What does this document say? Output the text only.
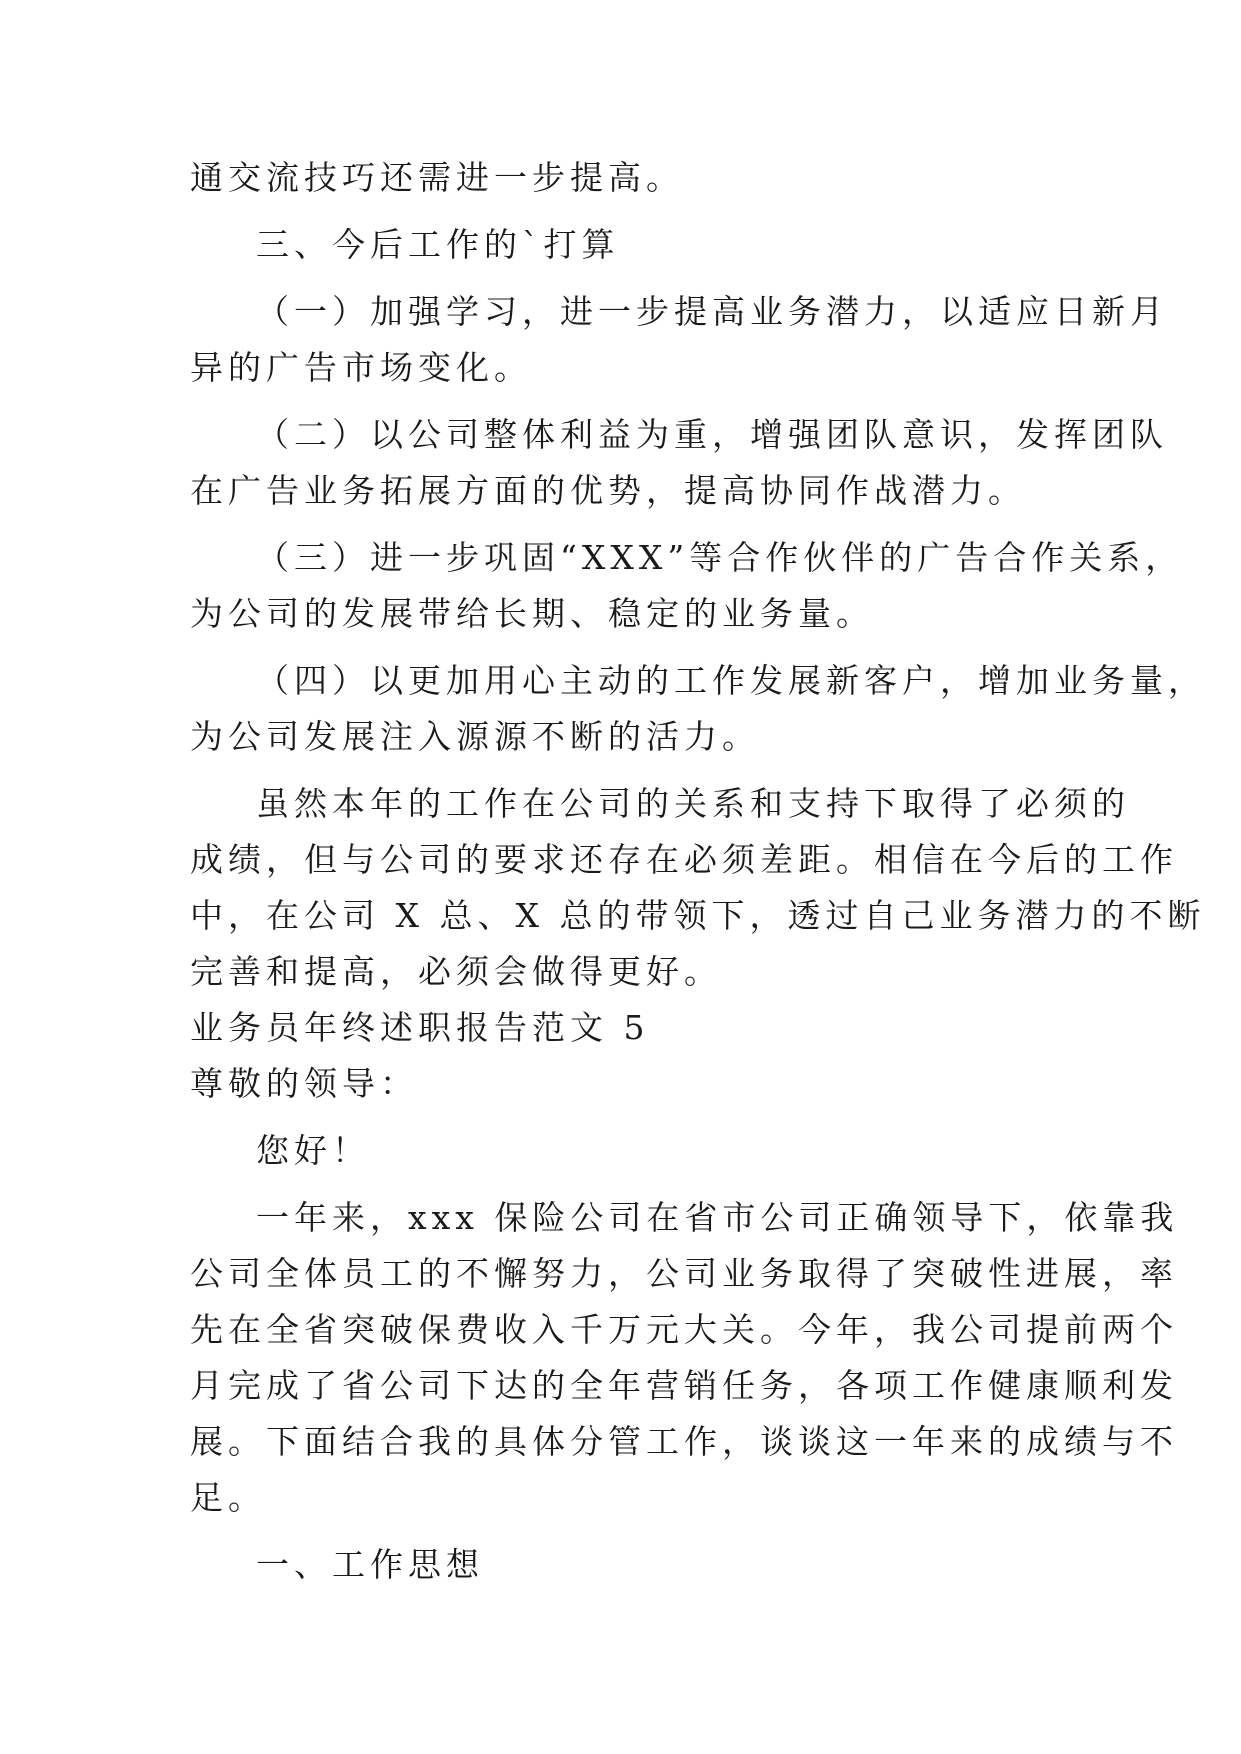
通交流技巧还需进一步提高。

三、今后工作的`打算

（一）加强学习，进一步提高业务潜力，以适应日新月

异的广告市场变化。

（二）以公司整体利益为重，增强团队意识，发挥团队

在广告业务拓展方面的优势，提高协同作战潜力。

（三）进一步巩固“XXX”等合作伙伴的广告合作关系，

为公司的发展带给长期、稳定的业务量。

（四）以更加用心主动的工作发展新客户，增加业务量，

为公司发展注入源源不断的活力。

虽然本年的工作在公司的关系和支持下取得了必须的

成绩，但与公司的要求还存在必须差距。相信在今后的工作

中，在公司 X 总、X 总的带领下，透过自己业务潜力的不断

完善和提高，必须会做得更好。

业务员年终述职报告范文 5

尊敬的领导：

您好！

一年来，xxx 保险公司在省市公司正确领导下，依靠我

公司全体员工的不懈努力，公司业务取得了突破性进展，率

先在全省突破保费收入千万元大关。今年，我公司提前两个

月完成了省公司下达的全年营销任务，各项工作健康顺利发

展。下面结合我的具体分管工作，谈谈这一年来的成绩与不

足。

一、工作思想
